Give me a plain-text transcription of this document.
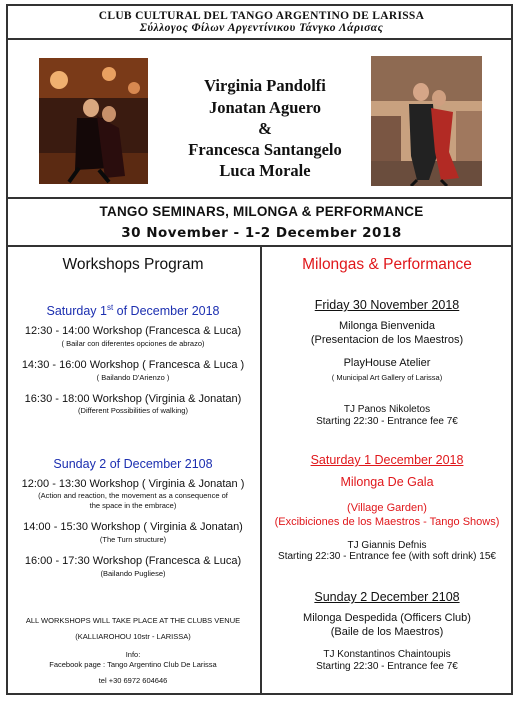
CLUB CULTURAL DEL TANGO ARGENTINO DE LARISSA
Σύλλογος Φίλων Αργεντίνικου Τάνγκο Λάρισας
Virginia Pandolfi
Jonatan Aguero
&
Francesca Santangelo
Luca Morale
TANGO SEMINARS, MILONGA & PERFORMANCE
30 November - 1-2 December 2018
Workshops Program
Saturday 1st of December 2018
12:30 - 14:00 Workshop (Francesca & Luca)
( Bailar con diferentes opciones de abrazo)
14:30 - 16:00 Workshop ( Francesca & Luca )
( Bailando D'Arienzo )
16:30 - 18:00 Workshop (Virginia & Jonatan)
(Different Possibilities of walking)
Sunday 2 of December 2108
12:00 - 13:30 Workshop ( Virginia & Jonatan )
(Action and reaction, the movement as a consequence of
the space in the embrace)
14:00 - 15:30 Workshop ( Virginia & Jonatan)
(The Turn structure)
16:00 - 17:30 Workshop (Francesca & Luca)
(Bailando Pugliese)
ALL WORKSHOPS WILL TAKE PLACE AT THE CLUBS VENUE
(KALLIAROHOU 10str - LARISSA)
Info:
Facebook page : Tango Argentino Club De Larissa
tel +30 6972 604646
Milongas & Performance
Friday 30 November 2018
Milonga Bienvenida
(Presentacion de los Maestros)
PlayHouse Atelier
( Municipal Art Gallery of Larissa)
TJ Panos Nikoletos
Starting 22:30 - Entrance fee 7€
Saturday 1 December 2018
Milonga De Gala
(Village Garden)
(Excibiciones de los Maestros - Tango Shows)
TJ Giannis Defnis
Starting 22:30 - Entrance fee (with soft drink) 15€
Sunday 2 December 2108
Milonga Despedida (Officers Club)
(Baile de los Maestros)
TJ Konstantinos Chaintoupis
Starting 22:30 - Entrance fee 7€
